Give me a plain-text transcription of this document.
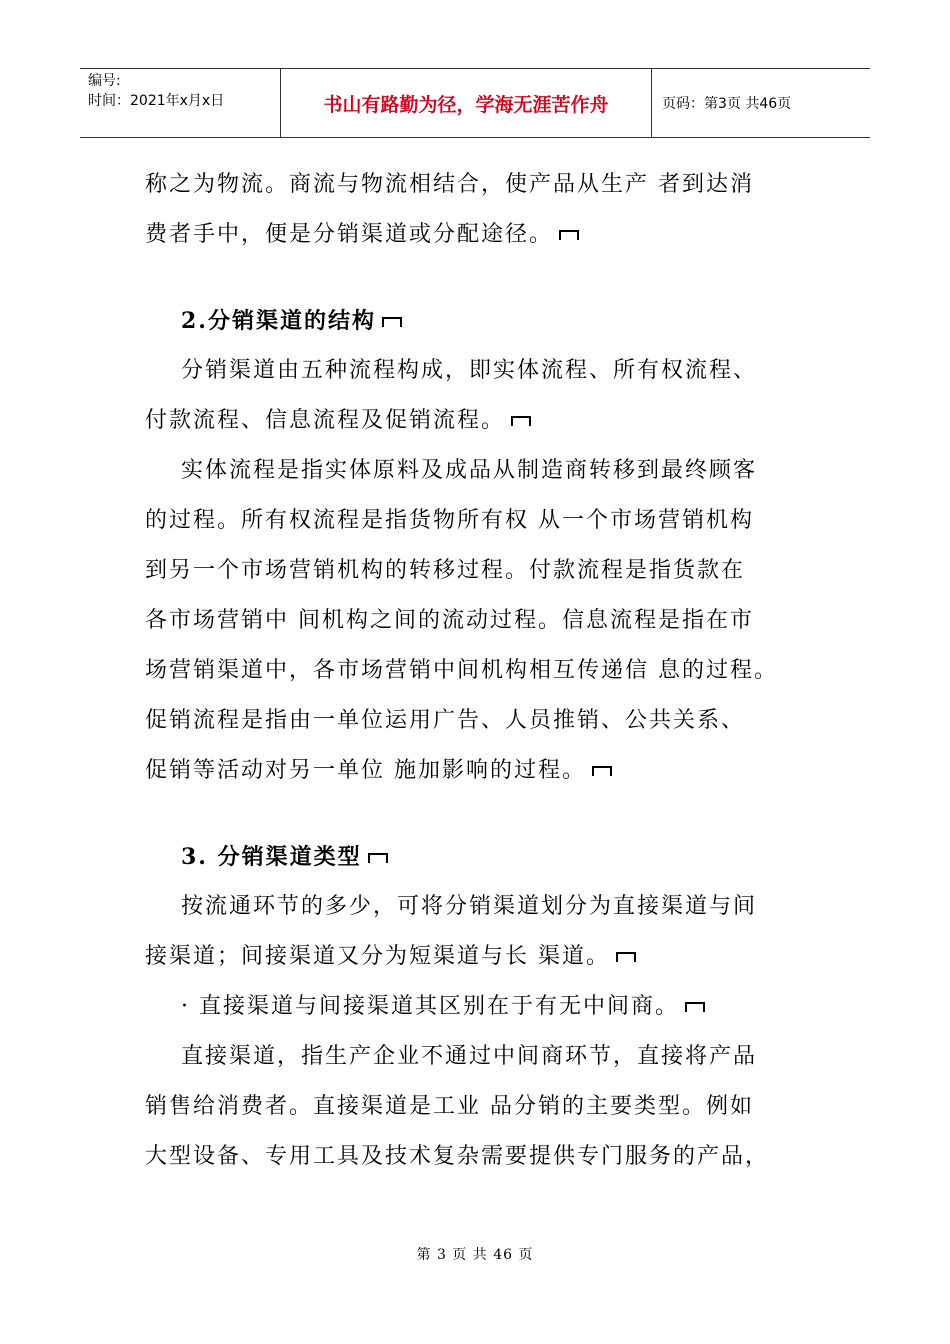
编号:
时间：2021年x月x日	书山有路勤为径，学海无涯苦作舟	页码：第3页 共46页

称之为物流。商流与物流相结合，使产品从生产 者到达消

费者手中，便是分销渠道或分配途径。

2.分销渠道的结构

分销渠道由五种流程构成，即实体流程、所有权流程、

付款流程、信息流程及促销流程。

实体流程是指实体原料及成品从制造商转移到最终顾客

的过程。所有权流程是指货物所有权 从一个市场营销机构

到另一个市场营销机构的转移过程。付款流程是指货款在

各市场营销中 间机构之间的流动过程。信息流程是指在市

场营销渠道中，各市场营销中间机构相互传递信 息的过程。

促销流程是指由一单位运用广告、人员推销、公共关系、

促销等活动对另一单位 施加影响的过程。

3. 分销渠道类型

按流通环节的多少，可将分销渠道划分为直接渠道与间

接渠道；间接渠道又分为短渠道与长 渠道。

· 直接渠道与间接渠道其区别在于有无中间商。

直接渠道，指生产企业不通过中间商环节，直接将产品

销售给消费者。直接渠道是工业 品分销的主要类型。例如

大型设备、专用工具及技术复杂需要提供专门服务的产品，

第 3 页 共 46 页
